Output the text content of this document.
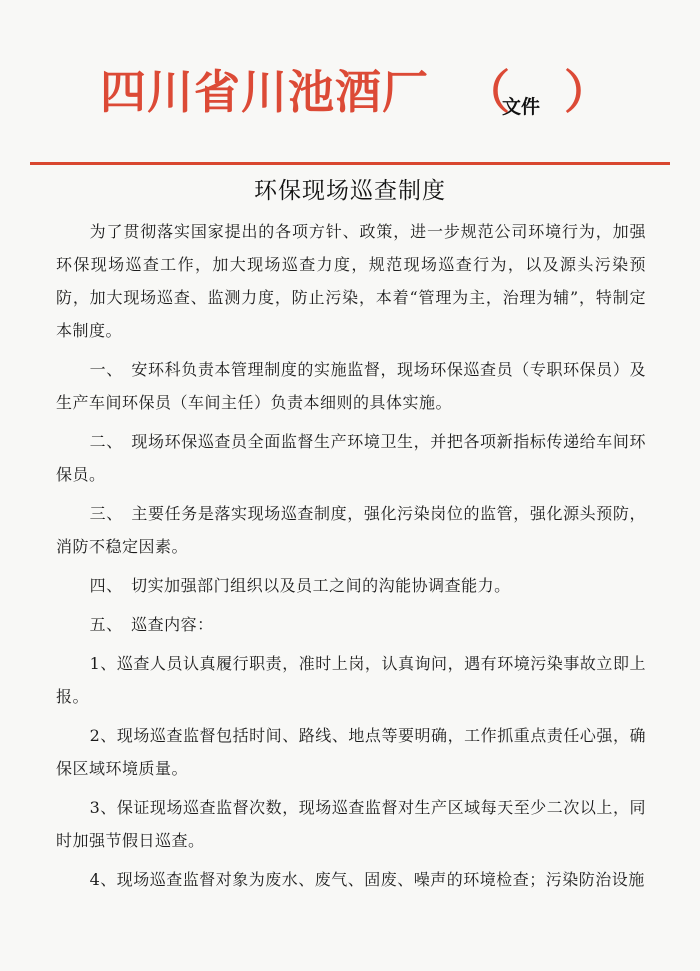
四川省川池酒厂 （
文件 ）
环保现场巡查制度

为了贯彻落实国家提出的各项方针、政策，进一步规范公司环境行为，加强环保现场巡查工作，加大现场巡查力度，规范现场巡查行为，以及源头污染预防，加大现场巡查、监测力度，防止污染，本着“管理为主，治理为辅”，特制定本制度。

一、　安环科负责本管理制度的实施监督，现场环保巡查员（专职环保员）及生产车间环保员（车间主任）负责本细则的具体实施。

二、　现场环保巡查员全面监督生产环境卫生，并把各项新指标传递给车间环保员。

三、　主要任务是落实现场巡查制度，强化污染岗位的监管，强化源头预防，消防不稳定因素。

四、　切实加强部门组织以及员工之间的沟能协调查能力。

五、　巡查内容：

1、巡查人员认真履行职责，准时上岗，认真询问，遇有环境污染事故立即上报。

2、现场巡查监督包括时间、路线、地点等要明确，工作抓重点责任心强，确保区域环境质量。

3、保证现场巡查监督次数，现场巡查监督对生产区域每天至少二次以上，同时加强节假日巡查。

4、现场巡查监督对象为废水、废气、固废、噪声的环境检查；污染防治设施
